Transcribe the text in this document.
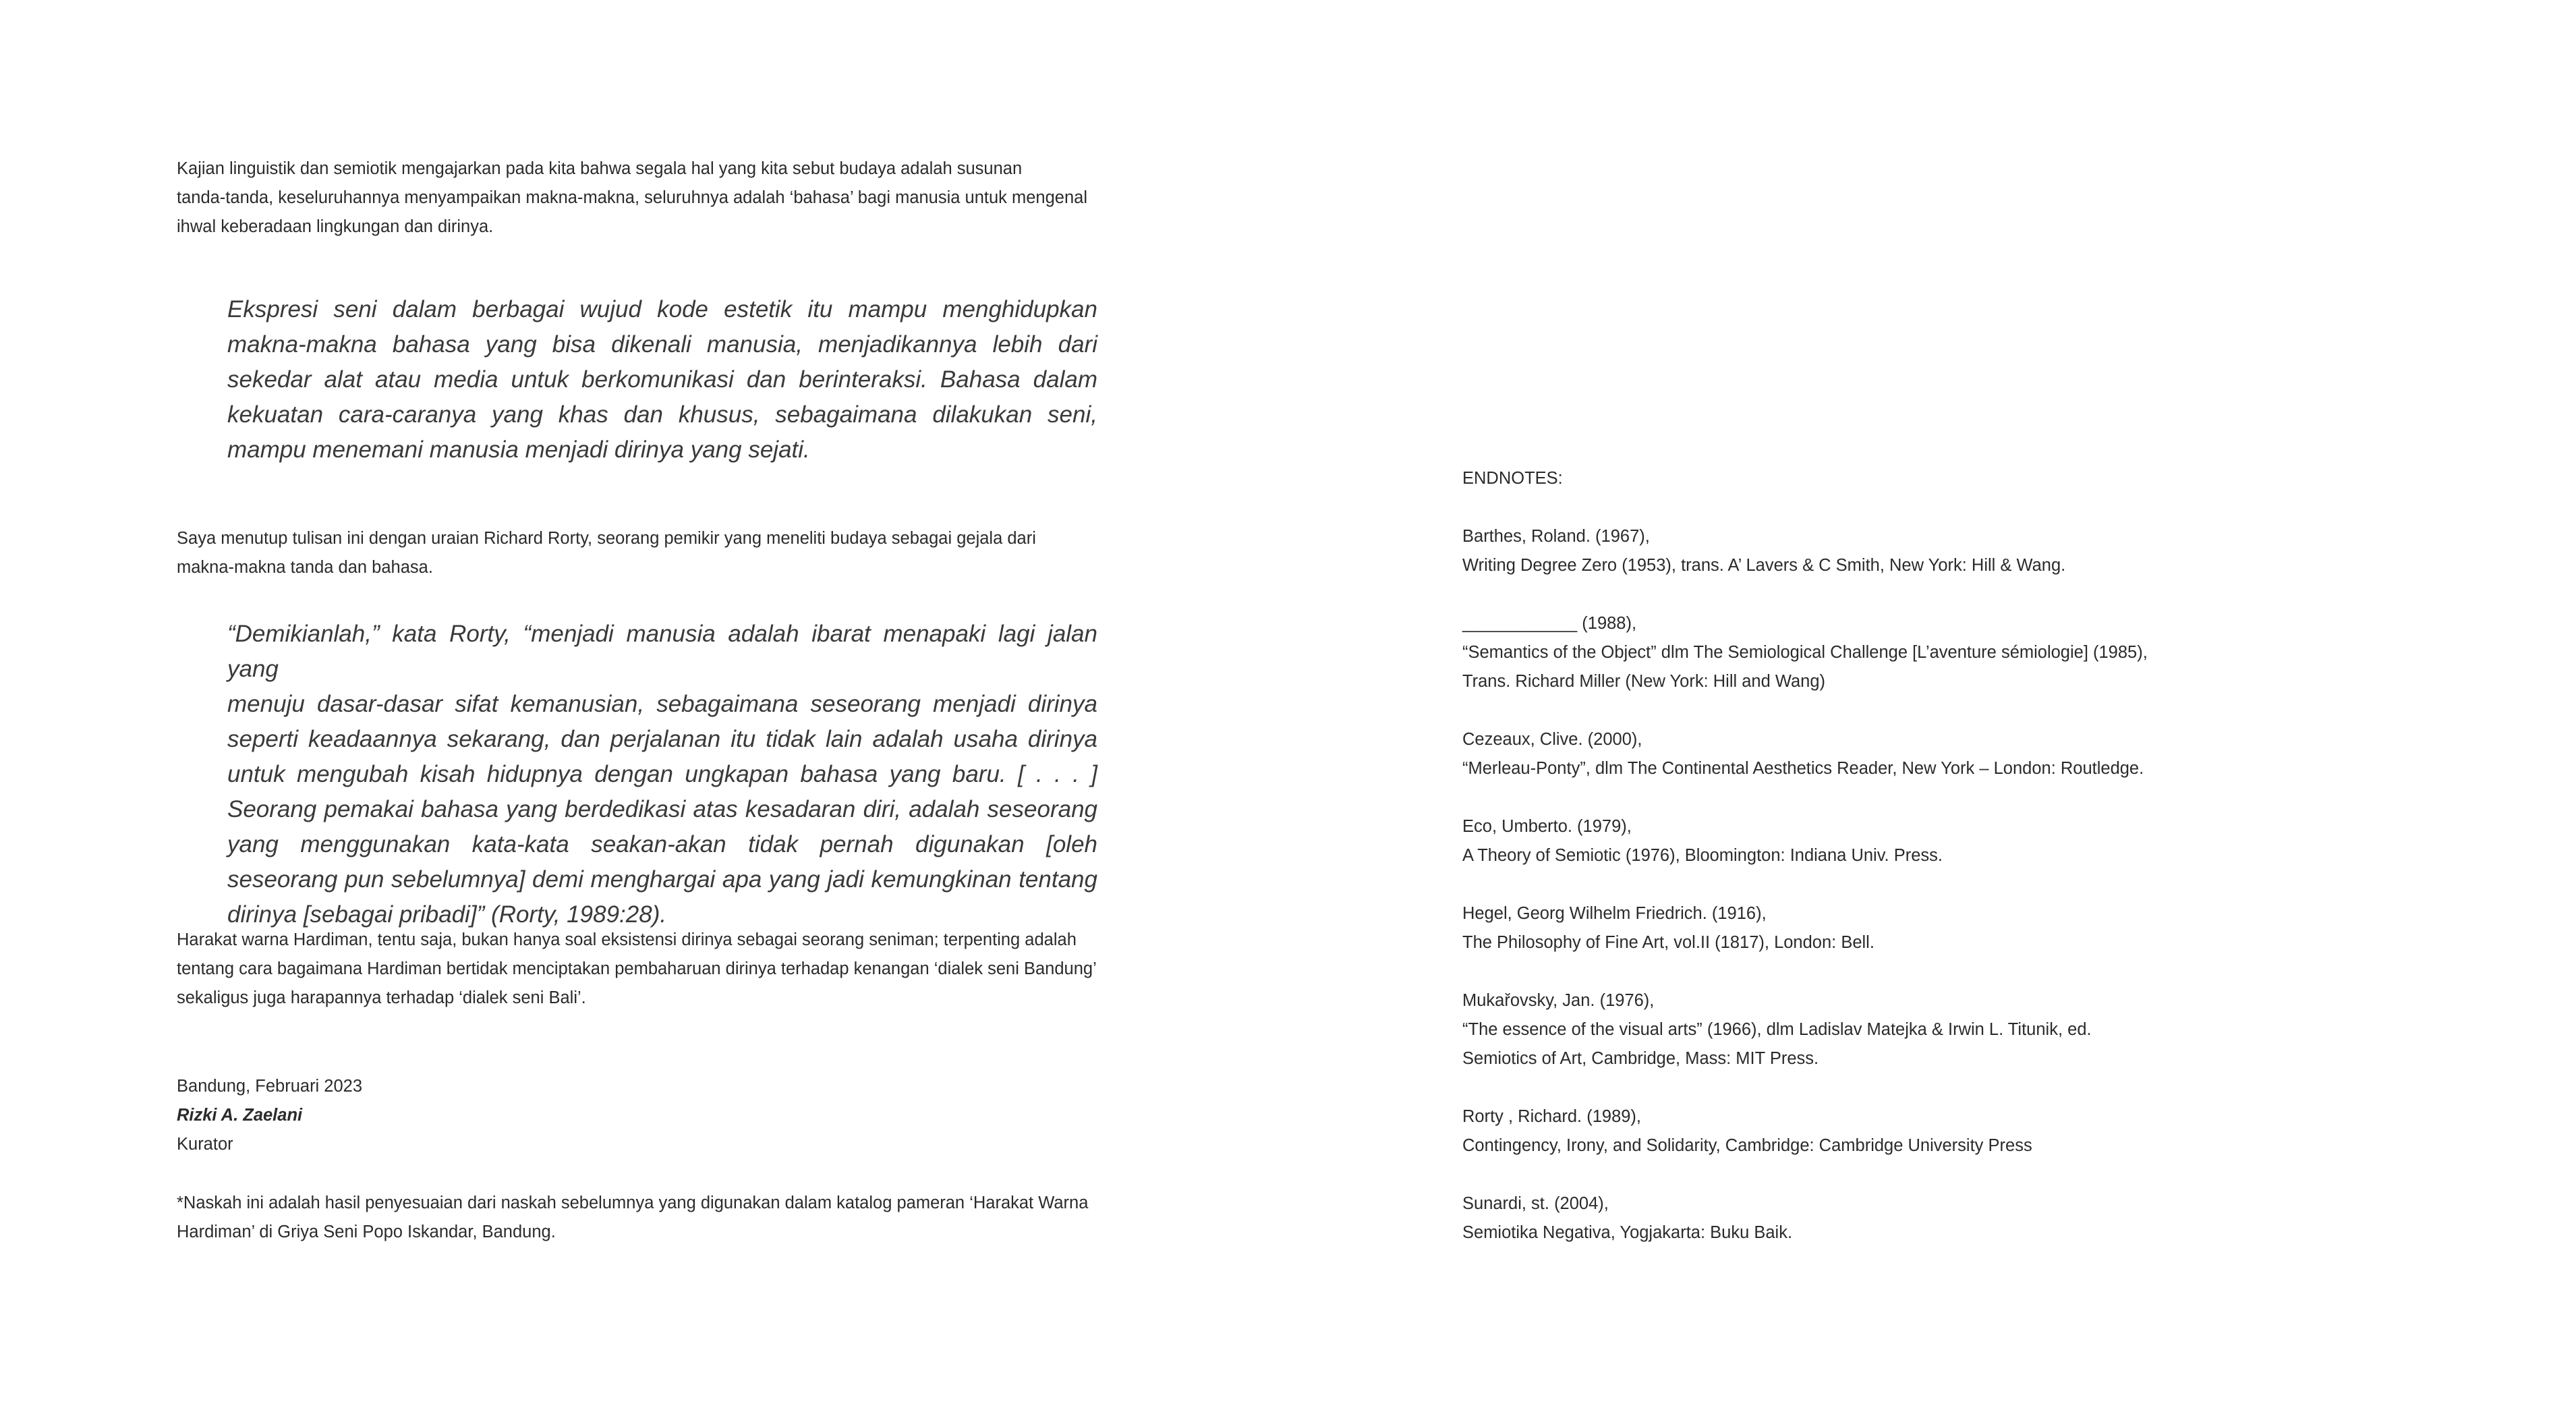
Kajian linguistik dan semiotik mengajarkan pada kita bahwa segala hal yang kita sebut budaya adalah susunan
tanda-tanda, keseluruhannya menyampaikan makna-makna, seluruhnya adalah ‘bahasa’ bagi manusia untuk mengenal
ihwal keberadaan lingkungan dan dirinya.

Ekspresi seni dalam berbagai wujud kode estetik itu mampu menghidupkan
makna-makna bahasa yang bisa dikenali manusia, menjadikannya lebih dari
sekedar alat atau media untuk berkomunikasi dan berinteraksi. Bahasa dalam
kekuatan cara-caranya yang khas dan khusus, sebagaimana dilakukan seni,
mampu menemani manusia menjadi dirinya yang sejati.

Saya menutup tulisan ini dengan uraian Richard Rorty, seorang pemikir yang meneliti budaya sebagai gejala dari
makna-makna tanda dan bahasa.

“Demikianlah,” kata Rorty, “menjadi manusia adalah ibarat menapaki lagi jalan yang
menuju dasar-dasar sifat kemanusian, sebagaimana seseorang menjadi dirinya
seperti keadaannya sekarang, dan perjalanan itu tidak lain adalah usaha dirinya
untuk mengubah kisah hidupnya dengan ungkapan bahasa yang baru. [ . . . ]
Seorang pemakai bahasa yang berdedikasi atas kesadaran diri, adalah seseorang
yang menggunakan kata-kata seakan-akan tidak pernah digunakan [oleh
seseorang pun sebelumnya] demi menghargai apa yang jadi kemungkinan tentang
dirinya [sebagai pribadi]” (Rorty, 1989:28).

Harakat warna Hardiman, tentu saja, bukan hanya soal eksistensi dirinya sebagai seorang seniman; terpenting adalah
tentang cara bagaimana Hardiman bertidak menciptakan pembaharuan dirinya terhadap kenangan ‘dialek seni Bandung’
sekaligus juga harapannya terhadap ‘dialek seni Bali’.

Bandung, Februari 2023
Rizki A. Zaelani
Kurator

*Naskah ini adalah hasil penyesuaian dari naskah sebelumnya yang digunakan dalam katalog pameran ‘Harakat Warna
Hardiman’ di Griya Seni Popo Iskandar, Bandung.

ENDNOTES:
Barthes, Roland. (1967),
Writing Degree Zero (1953), trans. A’ Lavers & C Smith, New York: Hill & Wang.
____________ (1988),
“Semantics of the Object” dlm The Semiological Challenge [L’aventure sémiologie] (1985),
Trans. Richard Miller (New York: Hill and Wang)
Cezeaux, Clive. (2000),
“Merleau-Ponty”, dlm The Continental Aesthetics Reader, New York – London: Routledge.
Eco, Umberto. (1979),
A Theory of Semiotic (1976), Bloomington: Indiana Univ. Press.
Hegel, Georg Wilhelm Friedrich. (1916),
The Philosophy of Fine Art, vol.II (1817), London: Bell.
Mukařovsky, Jan. (1976),
“The essence of the visual arts” (1966), dlm Ladislav Matejka & Irwin L. Titunik, ed.
Semiotics of Art, Cambridge, Mass: MIT Press.
Rorty , Richard. (1989),
Contingency, Irony, and Solidarity, Cambridge: Cambridge University Press
Sunardi, st. (2004),
Semiotika Negativa, Yogjakarta: Buku Baik.
